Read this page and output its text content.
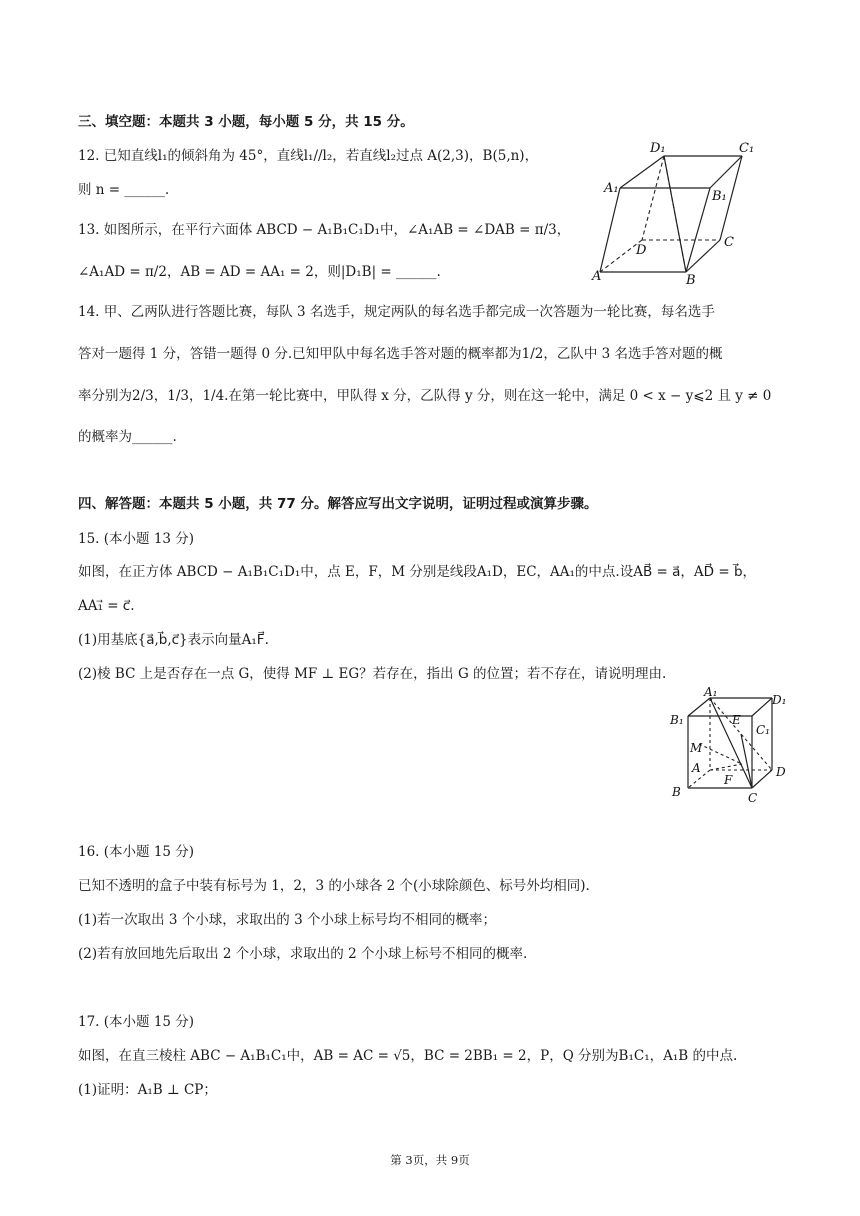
三、填空题：本题共 3 小题，每小题 5 分，共 15 分。
12. 已知直线l₁的倾斜角为 45°，直线l₁//l₂，若直线l₂过点 A(2,3)，B(5,n)，
则 n = ______.
13. 如图所示，在平行六面体 ABCD − A₁B₁C₁D₁中，∠A₁AB = ∠DAB = π/3，
∠A₁AD = π/2，AB = AD = AA₁ = 2，则|D₁B| = ______.
14. 甲、乙两队进行答题比赛，每队 3 名选手，规定两队的每名选手都完成一次答题为一轮比赛，每名选手
答对一题得 1 分，答错一题得 0 分.已知甲队中每名选手答对题的概率都为1/2，乙队中 3 名选手答对题的概
率分别为2/3，1/3，1/4.在第一轮比赛中，甲队得 x 分，乙队得 y 分，则在这一轮中，满足 0 < x − y⩽2 且 y ≠ 0
的概率为______.
D₁	C₁
A₁
B₁
D
C
A	B
四、解答题：本题共 5 小题，共 77 分。解答应写出文字说明，证明过程或演算步骤。
15. (本小题 13 分)
如图，在正方体 ABCD − A₁B₁C₁D₁中，点 E，F，M 分别是线段A₁D，EC，AA₁的中点.设AB⃗ = a⃗，AD⃗ = b⃗，
AA₁⃗ = c⃗.
(1)用基底{a⃗,b⃗,c⃗}表示向量A₁F⃗.
(2)棱 BC 上是否存在一点 G，使得 MF ⊥ EG？若存在，指出 G 的位置；若不存在，请说明理由.
A₁
D₁
B₁	E
C₁
M
A
F
D
B	C
16. (本小题 15 分)
已知不透明的盒子中装有标号为 1，2，3 的小球各 2 个(小球除颜色、标号外均相同).
(1)若一次取出 3 个小球，求取出的 3 个小球上标号均不相同的概率；
(2)若有放回地先后取出 2 个小球，求取出的 2 个小球上标号不相同的概率.
17. (本小题 15 分)
如图，在直三棱柱 ABC − A₁B₁C₁中，AB = AC = √5，BC = 2BB₁ = 2，P，Q 分别为B₁C₁，A₁B 的中点.
(1)证明：A₁B ⊥ CP；
第 3页，共 9页
